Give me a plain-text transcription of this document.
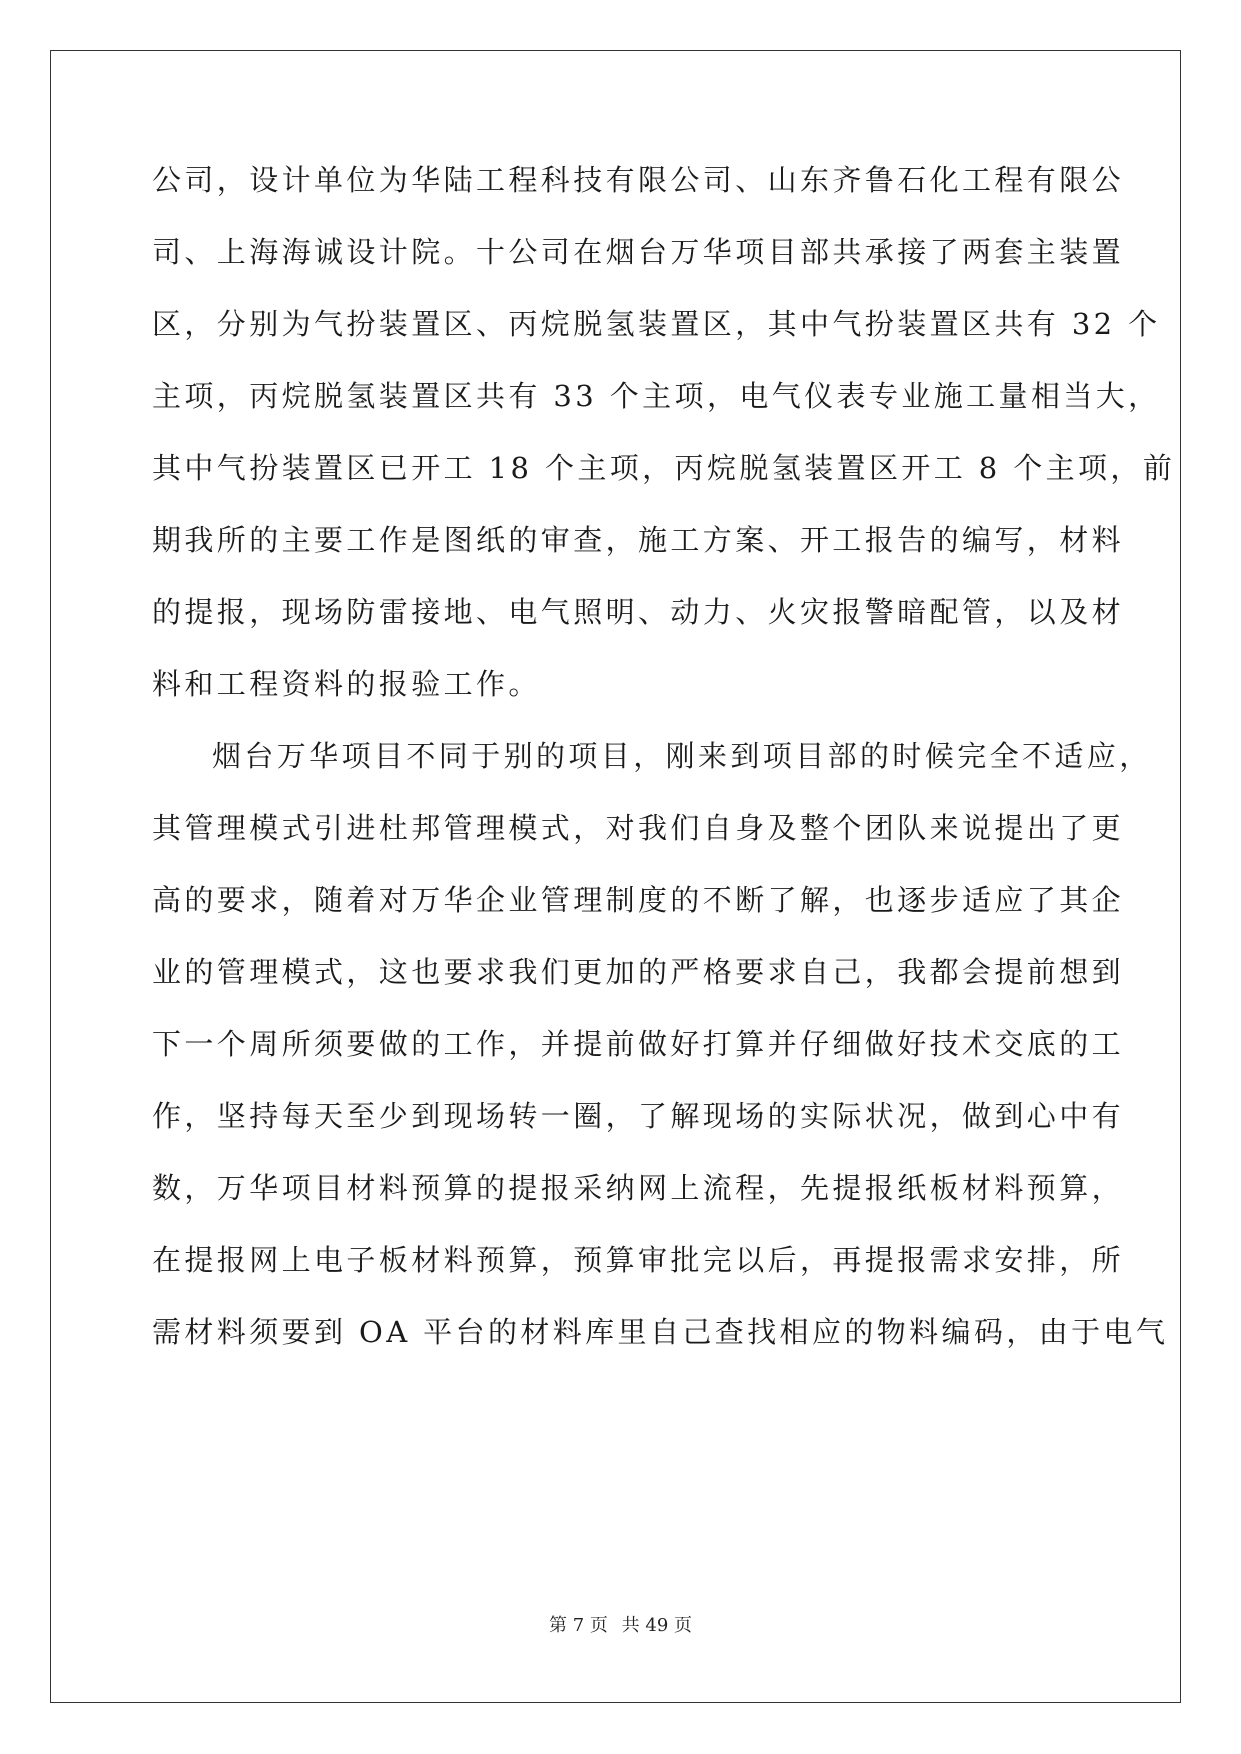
公司，设计单位为华陆工程科技有限公司、山东齐鲁石化工程有限公
司、上海海诚设计院。十公司在烟台万华项目部共承接了两套主装置
区，分别为气扮装置区、丙烷脱氢装置区，其中气扮装置区共有 32 个
主项，丙烷脱氢装置区共有 33 个主项，电气仪表专业施工量相当大，
其中气扮装置区已开工 18 个主项，丙烷脱氢装置区开工 8 个主项，前
期我所的主要工作是图纸的审查，施工方案、开工报告的编写，材料
的提报，现场防雷接地、电气照明、动力、火灾报警暗配管，以及材
料和工程资料的报验工作。
烟台万华项目不同于别的项目，刚来到项目部的时候完全不适应，
其管理模式引进杜邦管理模式，对我们自身及整个团队来说提出了更
高的要求，随着对万华企业管理制度的不断了解，也逐步适应了其企
业的管理模式，这也要求我们更加的严格要求自己，我都会提前想到
下一个周所须要做的工作，并提前做好打算并仔细做好技术交底的工
作，坚持每天至少到现场转一圈，了解现场的实际状况，做到心中有
数，万华项目材料预算的提报采纳网上流程，先提报纸板材料预算，
在提报网上电子板材料预算，预算审批完以后，再提报需求安排，所
需材料须要到 OA 平台的材料库里自己查找相应的物料编码，由于电气
第 7 页 共 49 页
